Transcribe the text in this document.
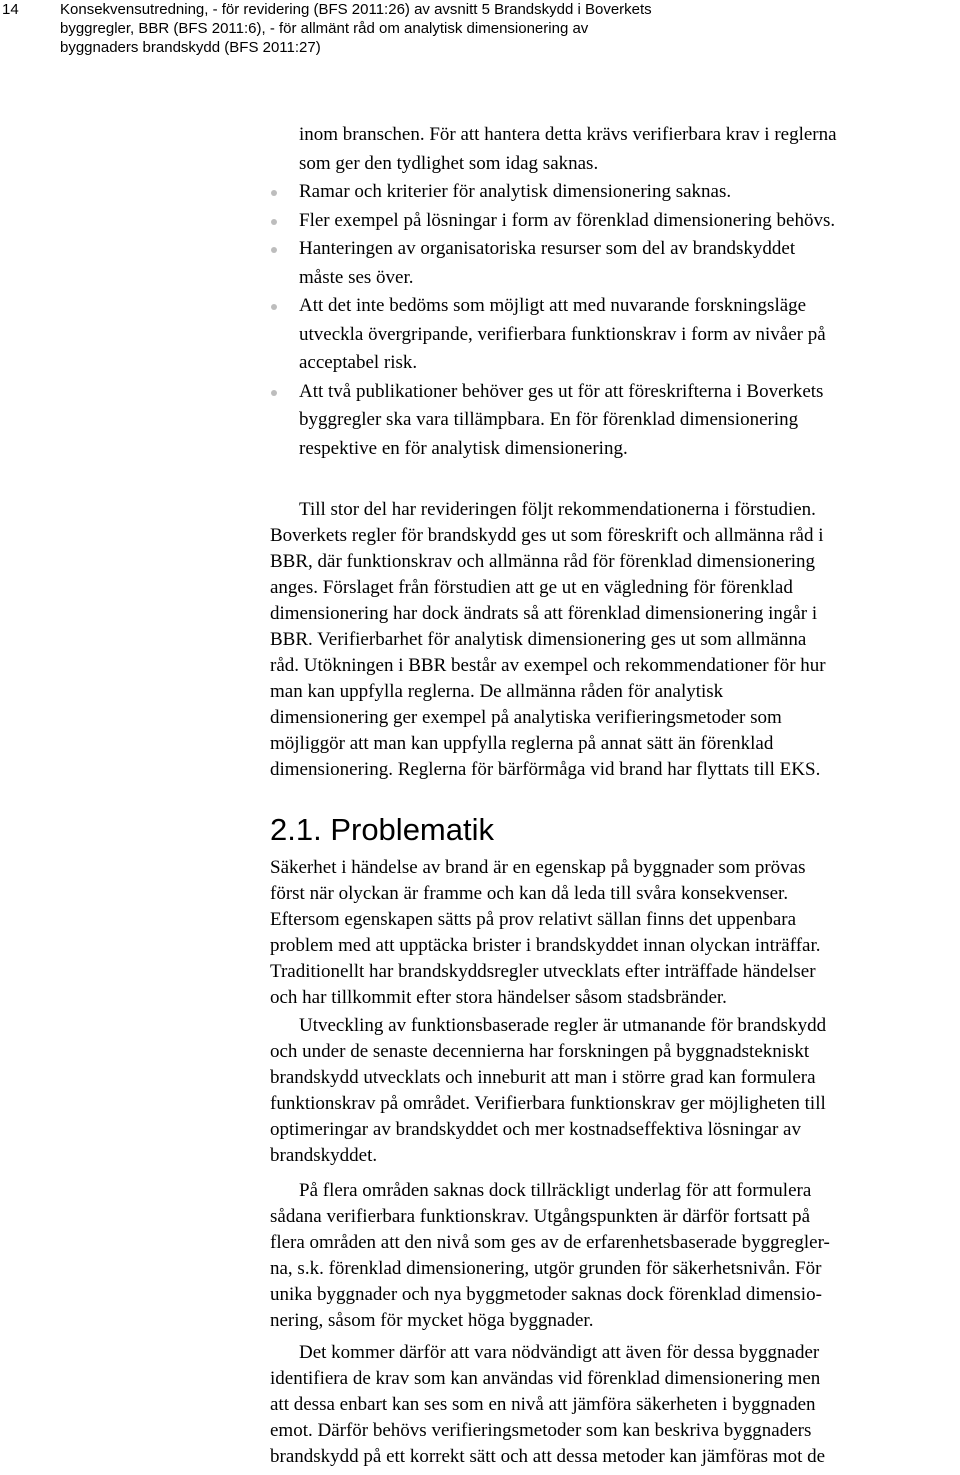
14	Konsekvensutredning, - för revidering (BFS 2011:26) av avsnitt 5 Brandskydd i Boverkets
byggregler, BBR (BFS 2011:6), - för allmänt råd om analytisk dimensionering av
byggnaders brandskydd (BFS 2011:27)
inom branschen. För att hantera detta krävs verifierbara krav i reglerna
som ger den tydlighet som idag saknas.
Ramar och kriterier för analytisk dimensionering saknas.
Fler exempel på lösningar i form av förenklad dimensionering behövs.
Hanteringen av organisatoriska resurser som del av brandskyddet
måste ses över.
Att det inte bedöms som möjligt att med nuvarande forskningsläge
utveckla övergripande, verifierbara funktionskrav i form av nivåer på
acceptabel risk.
Att två publikationer behöver ges ut för att föreskrifterna i Boverkets
byggregler ska vara tillämpbara. En för förenklad dimensionering
respektive en för analytisk dimensionering.
Till stor del har revideringen följt rekommendationerna i förstudien.
Boverkets regler för brandskydd ges ut som föreskrift och allmänna råd i
BBR, där funktionskrav och allmänna råd för förenklad dimensionering
anges. Förslaget från förstudien att ge ut en vägledning för förenklad
dimensionering har dock ändrats så att förenklad dimensionering ingår i
BBR. Verifierbarhet för analytisk dimensionering ges ut som allmänna
råd. Utökningen i BBR består av exempel och rekommendationer för hur
man kan uppfylla reglerna. De allmänna råden för analytisk
dimensionering ger exempel på analytiska verifieringsmetoder som
möjliggör att man kan uppfylla reglerna på annat sätt än förenklad
dimensionering. Reglerna för bärförmåga vid brand har flyttats till EKS.
2.1. Problematik
Säkerhet i händelse av brand är en egenskap på byggnader som prövas
först när olyckan är framme och kan då leda till svåra konsekvenser.
Eftersom egenskapen sätts på prov relativt sällan finns det uppenbara
problem med att upptäcka brister i brandskyddet innan olyckan inträffar.
Traditionellt har brandskyddsregler utvecklats efter inträffade händelser
och har tillkommit efter stora händelser såsom stadsbränder.
Utveckling av funktionsbaserade regler är utmanande för brandskydd
och under de senaste decennierna har forskningen på byggnadstekniskt
brandskydd utvecklats och inneburit att man i större grad kan formulera
funktionskrav på området. Verifierbara funktionskrav ger möjligheten till
optimeringar av brandskyddet och mer kostnadseffektiva lösningar av
brandskyddet.
På flera områden saknas dock tillräckligt underlag för att formulera
sådana verifierbara funktionskrav. Utgångspunkten är därför fortsatt på
flera områden att den nivå som ges av de erfarenhetsbaserade byggregler-
na, s.k. förenklad dimensionering, utgör grunden för säkerhetsnivån. För
unika byggnader och nya byggmetoder saknas dock förenklad dimensio-
nering, såsom för mycket höga byggnader.
Det kommer därför att vara nödvändigt att även för dessa byggnader
identifiera de krav som kan användas vid förenklad dimensionering men
att dessa enbart kan ses som en nivå att jämföra säkerheten i byggnaden
emot. Därför behövs verifieringsmetoder som kan beskriva byggnaders
brandskydd på ett korrekt sätt och att dessa metoder kan jämföras mot de
